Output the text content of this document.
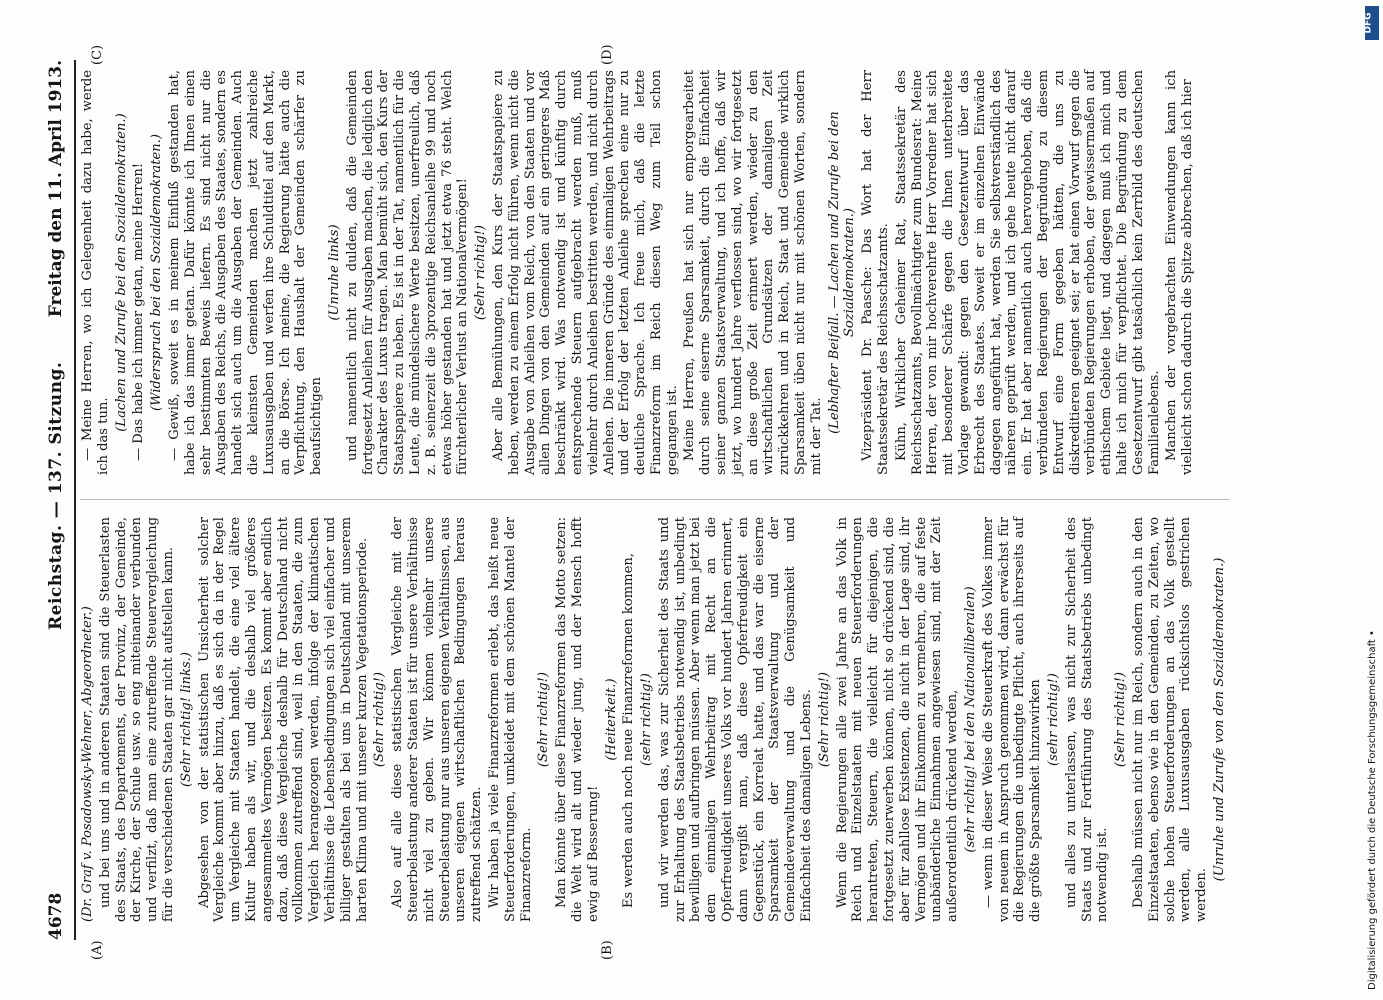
4678
Reichstag. — 137. Sitzung.
Freitag den 11. April 1913.
(A)	(B)
(C)	(D)

(Dr. Graf v. Posadowsky-Wehner, Abgeordneter.) und bei uns und in anderen Staaten sind die Steuerlasten des Staats, des Departements, der Provinz, der Gemeinde, der Kirche, der Schule usw. so eng miteinander verbunden und verfilzt, daß man eine zutreffende Steuervergleichung für die verschiedenen Staaten gar nicht aufstellen kann. (Sehr richtig! links.) Abgesehen von der statistischen Unsicherheit solcher Vergleiche kommt aber hinzu, daß es sich da in der Regel um Vergleiche mit Staaten handelt, die eine viel ältere Kultur haben als wir, und die deshalb viel größeres angesammeltes Vermögen besitzen. Es kommt aber endlich dazu, daß diese Vergleiche deshalb für Deutschland nicht vollkommen zutreffend sind, weil in den Staaten, die zum Vergleich herangezogen werden, infolge der klimatischen Verhältnisse die Lebensbedingungen sich viel einfacher und billiger gestalten als bei uns in Deutschland mit unserem harten Klima und mit unserer kurzen Vegetationsperiode. (Sehr richtig!) Also auf alle diese statistischen Vergleiche mit der Steuerbelastung anderer Staaten ist für unsere Verhältnisse nicht viel zu geben. Wir können vielmehr unsere Steuerbelastung nur aus unseren eigenen Verhältnissen, aus unseren eigenen wirtschaftlichen Bedingungen heraus zutreffend schätzen. Wir haben ja viele Finanzreformen erlebt, das heißt neue Steuerforderungen, umkleidet mit dem schönen Mantel der Finanzreform.

(Sehr richtig!) Man könnte über diese Finanzreformen das Motto setzen: die Welt wird alt und wieder jung, und der Mensch hofft ewig auf Besserung!

(Heiterkeit.) Es werden auch noch neue Finanzreformen kommen, (sehr richtig!) und wir werden das, was zur Sicherheit des Staats und zur Erhaltung des Staatsbetriebs notwendig ist, unbedingt bewilligen und aufbringen müssen. Aber wenn man jetzt bei dem einmaligen Wehrbeitrag mit Recht an die Opferfreudigkeit unseres Volks vor hundert Jahren erinnert, dann vergißt man, daß diese Opferfreudigkeit ein Gegenstück, ein Korrelat hatte, und das war die eiserne Sparsamkeit der Staatsverwaltung und der Gemeindeverwaltung und die Genügsamkeit und Einfachheit des damaligen Lebens. (Sehr richtig!) Wenn die Regierungen alle zwei Jahre an das Volk in Reich und Einzelstaaten mit neuen Steuerforderungen herantreten, Steuern, die vielleicht für diejenigen, die fortgesetzt zuerwerben können, nicht so drückend sind, die aber für zahllose Existenzen, die nicht in der Lage sind, ihr Vermögen und ihr Einkommen zu vermehren, die auf feste unabänderliche Einnahmen angewiesen sind, mit der Zeit außerordentlich drückend werden, (sehr richtig! bei den Nationalliberalen) — wenn in dieser Weise die Steuerkraft des Volkes immer von neuem in Anspruch genommen wird, dann erwächst für die Regierungen die unbedingte Pflicht, auch ihrerseits auf die größte Sparsamkeit hinzuwirken (sehr richtig!) und alles zu unterlassen, was nicht zur Sicherheit des Staats und zur Fortführung des Staatsbetriebs unbedingt notwendig ist.

(Sehr richtig!) Deshalb müssen nicht nur im Reich, sondern auch in den Einzelstaaten, ebenso wie in den Gemeinden, zu Zeiten, wo solche hohen Steuerforderungen an das Volk gestellt werden, alle Luxusausgaben rücksichtslos gestrichen werden.

(Unruhe und Zurufe von den Sozialdemokraten.)

— Meine Herren, wo ich Gelegenheit dazu habe, werde ich das tun.

(Lachen und Zurufe bei den Sozialdemokraten.) — Das habe ich immer getan, meine Herren! (Widerspruch bei den Sozialdemokraten.) — Gewiß, soweit es in meinem Einfluß gestanden hat, habe ich das immer getan. Dafür könnte ich Ihnen einen sehr bestimmten Beweis liefern. Es sind nicht nur die Ausgaben des Reichs, die Ausgaben des Staates, sondern es handelt sich auch um die Ausgaben der Gemeinden. Auch die kleinsten Gemeinden machen jetzt zahlreiche Luxusausgaben und werfen ihre Schuldtitel auf den Markt, an die Börse. Ich meine, die Regierung hätte auch die Verpflichtung, den Haushalt der Gemeinden schärfer zu beaufsichtigen

(Unruhe links) und namentlich nicht zu dulden, daß die Gemeinden fortgesetzt Anleihen für Ausgaben machen, die lediglich den Charakter des Luxus tragen. Man bemüht sich, den Kurs der Staatspapiere zu heben. Es ist in der Tat, namentlich für die Leute, die mündelsichere Werte besitzen, unerfreulich, daß z. B. seinerzeit die 3prozentige Reichsanleihe 99 und noch etwas höher gestanden hat und jetzt etwa 76 steht. Welch fürchterlicher Verlust an Nationalvermögen! (Sehr richtig!) Aber alle Bemühungen, den Kurs der Staatspapiere zu heben, werden zu einem Erfolg nicht führen, wenn nicht die Ausgabe von Anleihen vom Reich, von den Staaten und vor allen Dingen von den Gemeinden auf ein geringeres Maß beschränkt wird. Was notwendig ist und künftig durch entsprechende Steuern aufgebracht werden muß, muß vielmehr durch Anleihen bestritten werden, und nicht durch Anlehen. Die inneren Gründe des einmaligen Wehrbeitrags und der Erfolg der letzten Anleihe sprechen eine nur zu deutliche Sprache. Ich freue mich, daß die letzte Finanzreform im Reich diesen Weg zum Teil schon gegangen ist. Meine Herren, Preußen hat sich nur emporgearbeitet durch seine eiserne Sparsamkeit, durch die Einfachheit seiner ganzen Staatsverwaltung, und ich hoffe, daß wir jetzt, wo hundert Jahre verflossen sind, wo wir fortgesetzt an diese große Zeit erinnert werden, wieder zu den wirtschaftlichen Grundsätzen der damaligen Zeit zurückkehren und in Reich, Staat und Gemeinde wirklich Sparsamkeit üben nicht nur mit schönen Worten, sondern mit der Tat.

(Lebhafter Beifall. — Lachen und Zurufe bei den Sozialdemokraten.) Vizepräsident Dr. Paasche: Das Wort hat der Herr Staatssekretär des Reichsschatzamts. Kühn, Wirklicher Geheimer Rat, Staatssekretär des Reichsschatzamts, Bevollmächtigter zum Bundesrat: Meine Herren, der von mir hochverehrte Herr Vorredner hat sich mit besonderer Schärfe gegen die Ihnen unterbreitete Vorlage gewandt: gegen den Gesetzentwurf über das Erbrecht des Staates. Soweit er im einzelnen Einwände dagegen angeführt hat, werden Sie selbstverständlich des näheren geprüft werden, und ich gehe heute nicht darauf ein. Er hat aber namentlich auch hervorgehoben, daß die verbündeten Regierungen der Begründung zu diesem Entwurf eine Form gegeben hätten, die uns zu diskreditieren geeignet sei; er hat einen Vorwurf gegen die verbündeten Regierungen erhoben, der gewissermaßen auf ethischem Gebiete liegt, und dagegen muß ich mich und halte ich mich für verpflichtet. Die Begründung zu dem Gesetzentwurf gibt tatsächlich kein Zerrbild des deutschen Familienlebens. Manchen der vorgebrachten Einwendungen kann ich vielleicht schon dadurch die Spitze abbrechen, daß ich hier

DFG
Digitalisierung gefördert durch die Deutsche Forschungsgemeinschaft •
